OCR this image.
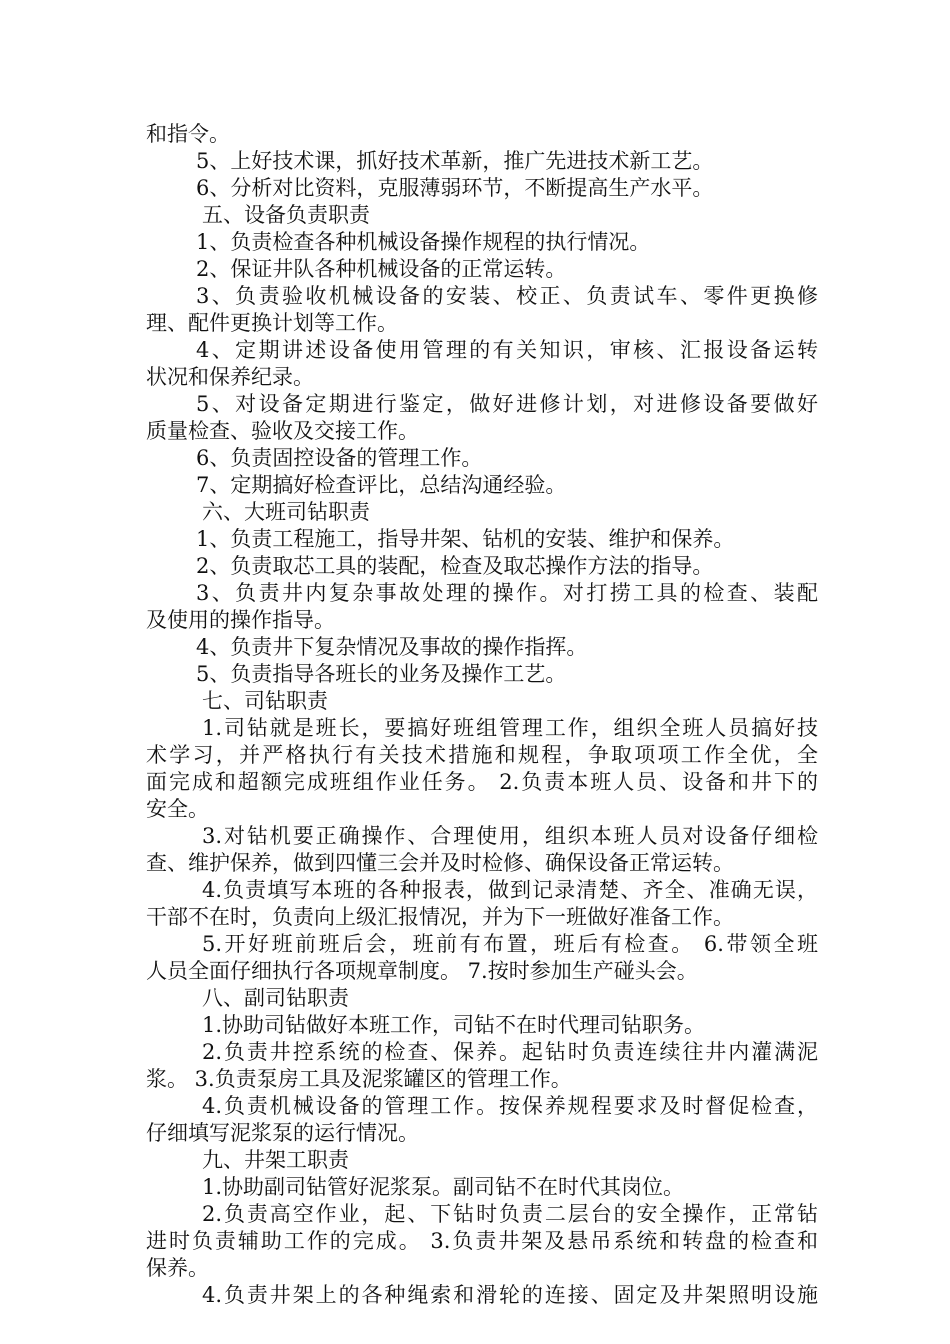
和指令。
5、上好技术课，抓好技术革新，推广先进技术新工艺。
6、分析对比资料，克服薄弱环节，不断提高生产水平。
五、设备负责职责
1、负责检查各种机械设备操作规程的执行情况。
2、保证井队各种机械设备的正常运转。
3、负责验收机械设备的安装、校正、负责试车、零件更换修
理、配件更换计划等工作。
4、定期讲述设备使用管理的有关知识，审核、汇报设备运转
状况和保养纪录。
5、对设备定期进行鉴定，做好进修计划，对进修设备要做好
质量检查、验收及交接工作。
6、负责固控设备的管理工作。
7、定期搞好检查评比，总结沟通经验。
六、大班司钻职责
1、负责工程施工，指导井架、钻机的安装、维护和保养。
2、负责取芯工具的装配，检查及取芯操作方法的指导。
3、负责井内复杂事故处理的操作。对打捞工具的检查、装配
及使用的操作指导。
4、负责井下复杂情况及事故的操作指挥。
5、负责指导各班长的业务及操作工艺。
七、司钻职责
1.司钻就是班长，要搞好班组管理工作，组织全班人员搞好技
术学习，并严格执行有关技术措施和规程，争取项项工作全优，全
面完成和超额完成班组作业任务。 2.负责本班人员、设备和井下的
安全。
3.对钻机要正确操作、合理使用，组织本班人员对设备仔细检
查、维护保养，做到四懂三会并及时检修、确保设备正常运转。
4.负责填写本班的各种报表，做到记录清楚、齐全、准确无误，
干部不在时，负责向上级汇报情况，并为下一班做好准备工作。
5.开好班前班后会，班前有布置，班后有检查。 6.带领全班
人员全面仔细执行各项规章制度。 7.按时参加生产碰头会。
八、副司钻职责
1.协助司钻做好本班工作，司钻不在时代理司钻职务。
2.负责井控系统的检查、保养。起钻时负责连续往井内灌满泥
浆。 3.负责泵房工具及泥浆罐区的管理工作。
4.负责机械设备的管理工作。按保养规程要求及时督促检查，
仔细填写泥浆泵的运行情况。
九、井架工职责
1.协助副司钻管好泥浆泵。副司钻不在时代其岗位。
2.负责高空作业，起、下钻时负责二层台的安全操作，正常钻
进时负责辅助工作的完成。 3.负责井架及悬吊系统和转盘的检查和
保养。
4.负责井架上的各种绳索和滑轮的连接、固定及井架照明设施
